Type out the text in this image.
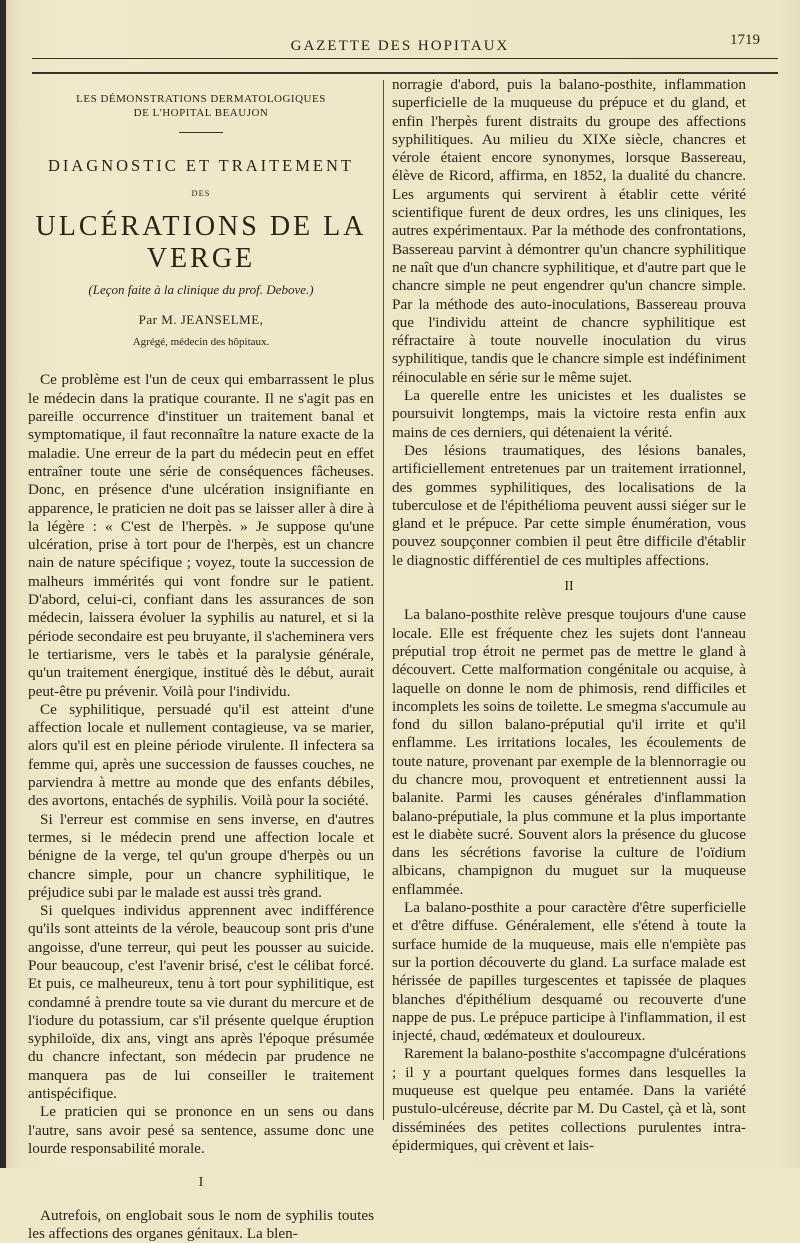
GAZETTE DES HOPITAUX	1719
LES DÉMONSTRATIONS DERMATOLOGIQUES
DE L'HOPITAL BEAUJON
DIAGNOSTIC ET TRAITEMENT
DES
ULCÉRATIONS DE LA VERGE
(Leçon faite à la clinique du prof. Debove.)
Par M. JEANSELME,
Agrégé, médecin des hôpitaux.

Ce problème est l'un de ceux qui embarrassent le plus le médecin dans la pratique courante. Il ne s'agit pas en pareille occurrence d'instituer un traitement banal et symptomatique, il faut reconnaître la nature exacte de la maladie. Une erreur de la part du médecin peut en effet entraîner toute une série de conséquences fâcheuses. Donc, en présence d'une ulcération insignifiante en apparence, le praticien ne doit pas se laisser aller à dire à la légère : « C'est de l'herpès. » Je suppose qu'une ulcération, prise à tort pour de l'herpès, est un chancre nain de nature spécifique ; voyez, toute la succession de malheurs immérités qui vont fondre sur le patient. D'abord, celui-ci, confiant dans les assurances de son médecin, laissera évoluer la syphilis au naturel, et si la période secondaire est peu bruyante, il s'acheminera vers le tertiarisme, vers le tabès et la paralysie générale, qu'un traitement énergique, institué dès le début, aurait peut-être pu prévenir. Voilà pour l'individu.

Ce syphilitique, persuadé qu'il est atteint d'une affection locale et nullement contagieuse, va se marier, alors qu'il est en pleine période virulente. Il infectera sa femme qui, après une succession de fausses couches, ne parviendra à mettre au monde que des enfants débiles, des avortons, entachés de syphilis. Voilà pour la société.

Si l'erreur est commise en sens inverse, en d'autres termes, si le médecin prend une affection locale et bénigne de la verge, tel qu'un groupe d'herpès ou un chancre simple, pour un chancre syphilitique, le préjudice subi par le malade est aussi très grand.

Si quelques individus apprennent avec indifférence qu'ils sont atteints de la vérole, beaucoup sont pris d'une angoisse, d'une terreur, qui peut les pousser au suicide. Pour beaucoup, c'est l'avenir brisé, c'est le célibat forcé. Et puis, ce malheureux, tenu à tort pour syphilitique, est condamné à prendre toute sa vie durant du mercure et de l'iodure du potassium, car s'il présente quelque éruption syphiloïde, dix ans, vingt ans après l'époque présumée du chancre infectant, son médecin par prudence ne manquera pas de lui conseiller le traitement antispécifique.

Le praticien qui se prononce en un sens ou dans l'autre, sans avoir pesé sa sentence, assume donc une lourde responsabilité morale.

I

Autrefois, on englobait sous le nom de syphilis toutes les affections des organes génitaux. La blen-

norragie d'abord, puis la balano-posthite, inflammation superficielle de la muqueuse du prépuce et du gland, et enfin l'herpès furent distraits du groupe des affections syphilitiques. Au milieu du XIXe siècle, chancres et vérole étaient encore synonymes, lorsque Bassereau, élève de Ricord, affirma, en 1852, la dualité du chancre. Les arguments qui servirent à établir cette vérité scientifique furent de deux ordres, les uns cliniques, les autres expérimentaux. Par la méthode des confrontations, Bassereau parvint à démontrer qu'un chancre syphilitique ne naît que d'un chancre syphilitique, et d'autre part que le chancre simple ne peut engendrer qu'un chancre simple. Par la méthode des auto-inoculations, Bassereau prouva que l'individu atteint de chancre syphilitique est réfractaire à toute nouvelle inoculation du virus syphilitique, tandis que le chancre simple est indéfiniment réinoculable en série sur le même sujet.

La querelle entre les unicistes et les dualistes se poursuivit longtemps, mais la victoire resta enfin aux mains de ces derniers, qui détenaient la vérité.

Des lésions traumatiques, des lésions banales, artificiellement entretenues par un traitement irrationnel, des gommes syphilitiques, des localisations de la tuberculose et de l'épithélioma peuvent aussi siéger sur le gland et le prépuce. Par cette simple énumération, vous pouvez soupçonner combien il peut être difficile d'établir le diagnostic différentiel de ces multiples affections.

II

La balano-posthite relève presque toujours d'une cause locale. Elle est fréquente chez les sujets dont l'anneau préputial trop étroit ne permet pas de mettre le gland à découvert. Cette malformation congénitale ou acquise, à laquelle on donne le nom de phimosis, rend difficiles et incomplets les soins de toilette. Le smegma s'accumule au fond du sillon balano-préputial qu'il irrite et qu'il enflamme. Les irritations locales, les écoulements de toute nature, provenant par exemple de la blennorragie ou du chancre mou, provoquent et entretiennent aussi la balanite. Parmi les causes générales d'inflammation balano-préputiale, la plus commune et la plus importante est le diabète sucré. Souvent alors la présence du glucose dans les sécrétions favorise la culture de l'oïdium albicans, champignon du muguet sur la muqueuse enflammée.

La balano-posthite a pour caractère d'être superficielle et d'être diffuse. Généralement, elle s'étend à toute la surface humide de la muqueuse, mais elle n'empiète pas sur la portion découverte du gland. La surface malade est hérissée de papilles turgescentes et tapissée de plaques blanches d'épithélium desquamé ou recouverte d'une nappe de pus. Le prépuce participe à l'inflammation, il est injecté, chaud, œdémateux et douloureux.

Rarement la balano-posthite s'accompagne d'ulcérations ; il y a pourtant quelques formes dans lesquelles la muqueuse est quelque peu entamée. Dans la variété pustulo-ulcéreuse, décrite par M. Du Castel, çà et là, sont disséminées des petites collections purulentes intra-épidermiques, qui crèvent et lais-
